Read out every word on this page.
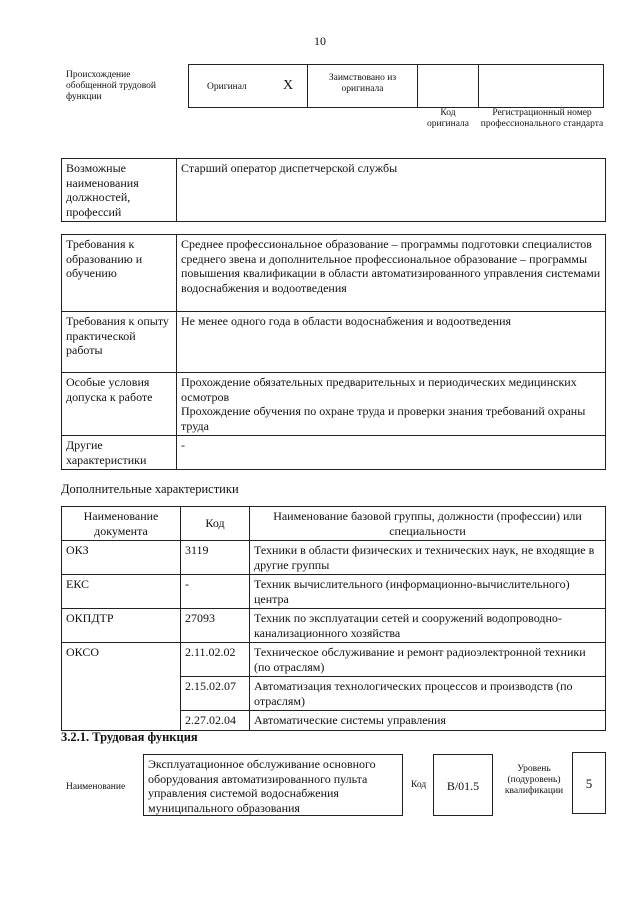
10
Происхождение обобщенной трудовой функции
Оригинал	X	Заимствовано из оригинала
Код оригинала
Регистрационный номер профессионального стандарта
Возможные наименования должностей, профессий	Старший оператор диспетчерской службы
Требования к образованию и обучению	Среднее профессиональное образование – программы подготовки специалистов среднего звена и дополнительное профессиональное образование – программы повышения квалификации в области автоматизированного управления системами водоснабжения и водоотведения
Требования к опыту практической работы	Не менее одного года в области водоснабжения и водоотведения
Особые условия допуска к работе	Прохождение обязательных предварительных и периодических медицинских осмотров
Прохождение обучения по охране труда и проверки знания требований охраны труда

Другие характеристики	-
Дополнительные характеристики
Наименование документа	Код	Наименование базовой группы, должности (профессии) или специальности
ОКЗ	3119	Техники в области физических и технических наук, не входящие в другие группы
ЕКС	-	Техник вычислительного (информационно-вычислительного) центра
ОКПДТР	27093	Техник по эксплуатации сетей и сооружений водопроводно-канализационного хозяйства
ОКСО	2.11.02.02	Техническое обслуживание и ремонт радиоэлектронной техники (по отраслям)
	2.15.02.07	Автоматизация технологических процессов и производств (по отраслям)
	2.27.02.04	Автоматические системы управления
3.2.1. Трудовая функция
Наименование
Эксплуатационное обслуживание основного оборудования автоматизированного пульта управления системой водоснабжения муниципального образования
Код	B/01.5
Уровень (подуровень) квалификации	5
